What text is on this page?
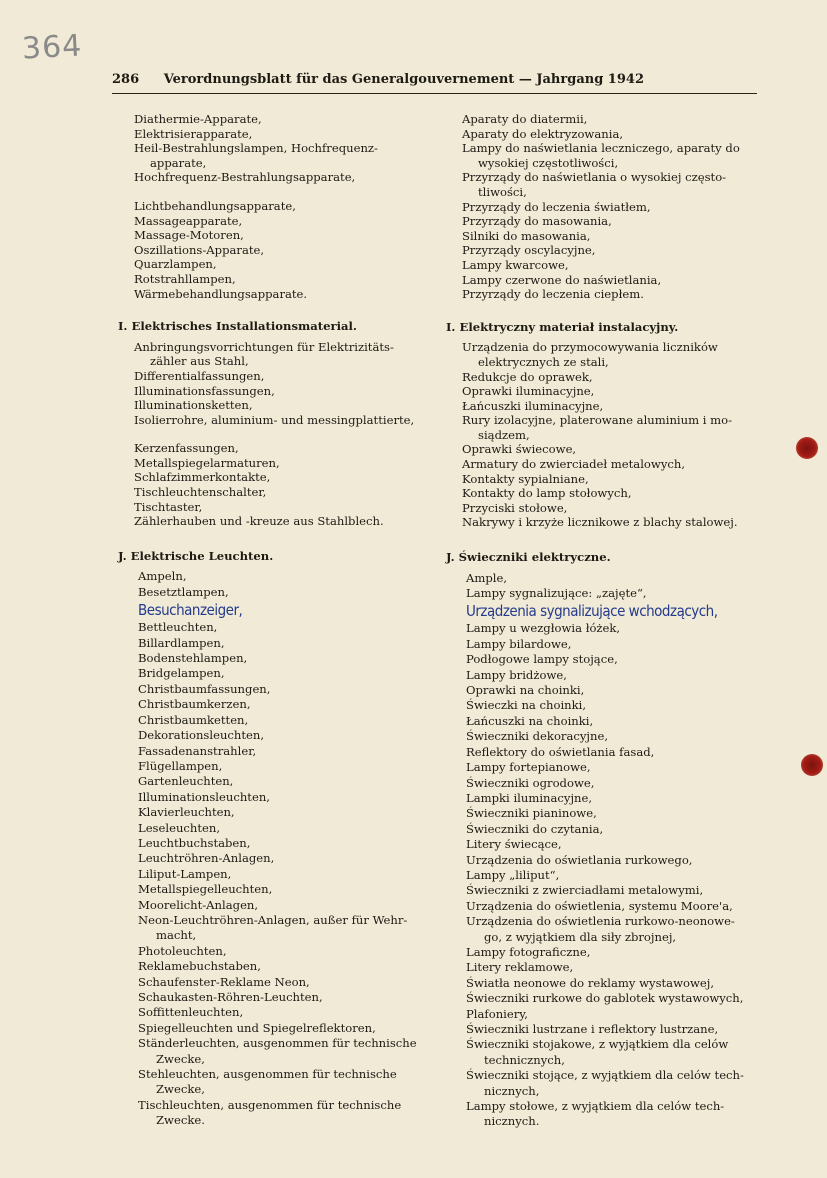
364
286 Verordnungsblatt für das Generalgouvernement — Jahrgang 1942
Diathermie-Apparate,
Elektrisierapparate,
Heil-Bestrahlungslampen, Hochfrequenz-
apparate,
Hochfrequenz-Bestrahlungsapparate,
Lichtbehandlungsapparate,
Massageapparate,
Massage-Motoren,
Oszillations-Apparate,
Quarzlampen,
Rotstrahllampen,
Wärmebehandlungsapparate.
I. Elektrisches Installationsmaterial.
Anbringungsvorrichtungen für Elektrizitäts-
zähler aus Stahl,
Differentialfassungen,
Illuminationsfassungen,
Illuminationsketten,
Isolierrohre, aluminium- und messingplattierte,
Kerzenfassungen,
Metallspiegelarmaturen,
Schlafzimmerkontakte,
Tischleuchtenschalter,
Tischtaster,
Zählerhauben und -kreuze aus Stahlblech.
J. Elektrische Leuchten.
Ampeln,
Besetztlampen,
Besuchanzeiger,
Bettleuchten,
Billardlampen,
Bodenstehlampen,
Bridgelampen,
Christbaumfassungen,
Christbaumkerzen,
Christbaumketten,
Dekorationsleuchten,
Fassadenanstrahler,
Flügellampen,
Gartenleuchten,
Illuminationsleuchten,
Klavierleuchten,
Leseleuchten,
Leuchtbuchstaben,
Leuchtröhren-Anlagen,
Liliput-Lampen,
Metallspiegelleuchten,
Moorelicht-Anlagen,
Neon-Leuchtröhren-Anlagen, außer für Wehr-
macht,
Photoleuchten,
Reklamebuchstaben,
Schaufenster-Reklame Neon,
Schaukasten-Röhren-Leuchten,
Soffittenleuchten,
Spiegelleuchten und Spiegelreflektoren,
Ständerleuchten, ausgenommen für technische
Zwecke,
Stehleuchten, ausgenommen für technische
Zwecke,
Tischleuchten, ausgenommen für technische
Zwecke.
Aparaty do diatermii,
Aparaty do elektryzowania,
Lampy do naświetlania leczniczego, aparaty do
wysokiej częstotliwości,
Przyrządy do naświetlania o wysokiej często-
tliwości,
Przyrządy do leczenia światłem,
Przyrządy do masowania,
Silniki do masowania,
Przyrządy oscylacyjne,
Lampy kwarcowe,
Lampy czerwone do naświetlania,
Przyrządy do leczenia ciepłem.
I. Elektryczny materiał instalacyjny.
Urządzenia do przymocowywania liczników
elektrycznych ze stali,
Redukcje do oprawek,
Oprawki iluminacyjne,
Łańcuszki iluminacyjne,
Rury izolacyjne, platerowane aluminium i mo-
siądzem,
Oprawki świecowe,
Armatury do zwierciadeł metalowych,
Kontakty sypialniane,
Kontakty do lamp stołowych,
Przyciski stołowe,
Nakrywy i krzyże licznikowe z blachy stalowej.
J. Świeczniki elektryczne.
Ample,
Lampy sygnalizujące: „zajęte“,
Urządzenia sygnalizujące wchodzących,
Lampy u wezgłowia łóżek,
Lampy bilardowe,
Podłogowe lampy stojące,
Lampy bridżowe,
Oprawki na choinki,
Świeczki na choinki,
Łańcuszki na choinki,
Świeczniki dekoracyjne,
Reflektory do oświetlania fasad,
Lampy fortepianowe,
Świeczniki ogrodowe,
Lampki iluminacyjne,
Świeczniki pianinowe,
Świeczniki do czytania,
Litery świecące,
Urządzenia do oświetlania rurkowego,
Lampy „liliput“,
Świeczniki z zwierciadłami metalowymi,
Urządzenia do oświetlenia, systemu Moore'a,
Urządzenia do oświetlenia rurkowo-neonowe-
go, z wyjątkiem dla siły zbrojnej,
Lampy fotograficzne,
Litery reklamowe,
Światła neonowe do reklamy wystawowej,
Świeczniki rurkowe do gablotek wystawowych,
Plafoniery,
Świeczniki lustrzane i reflektory lustrzane,
Świeczniki stojakowe, z wyjątkiem dla celów
technicznych,
Świeczniki stojące, z wyjątkiem dla celów tech-
nicznych,
Lampy stołowe, z wyjątkiem dla celów tech-
nicznych.
